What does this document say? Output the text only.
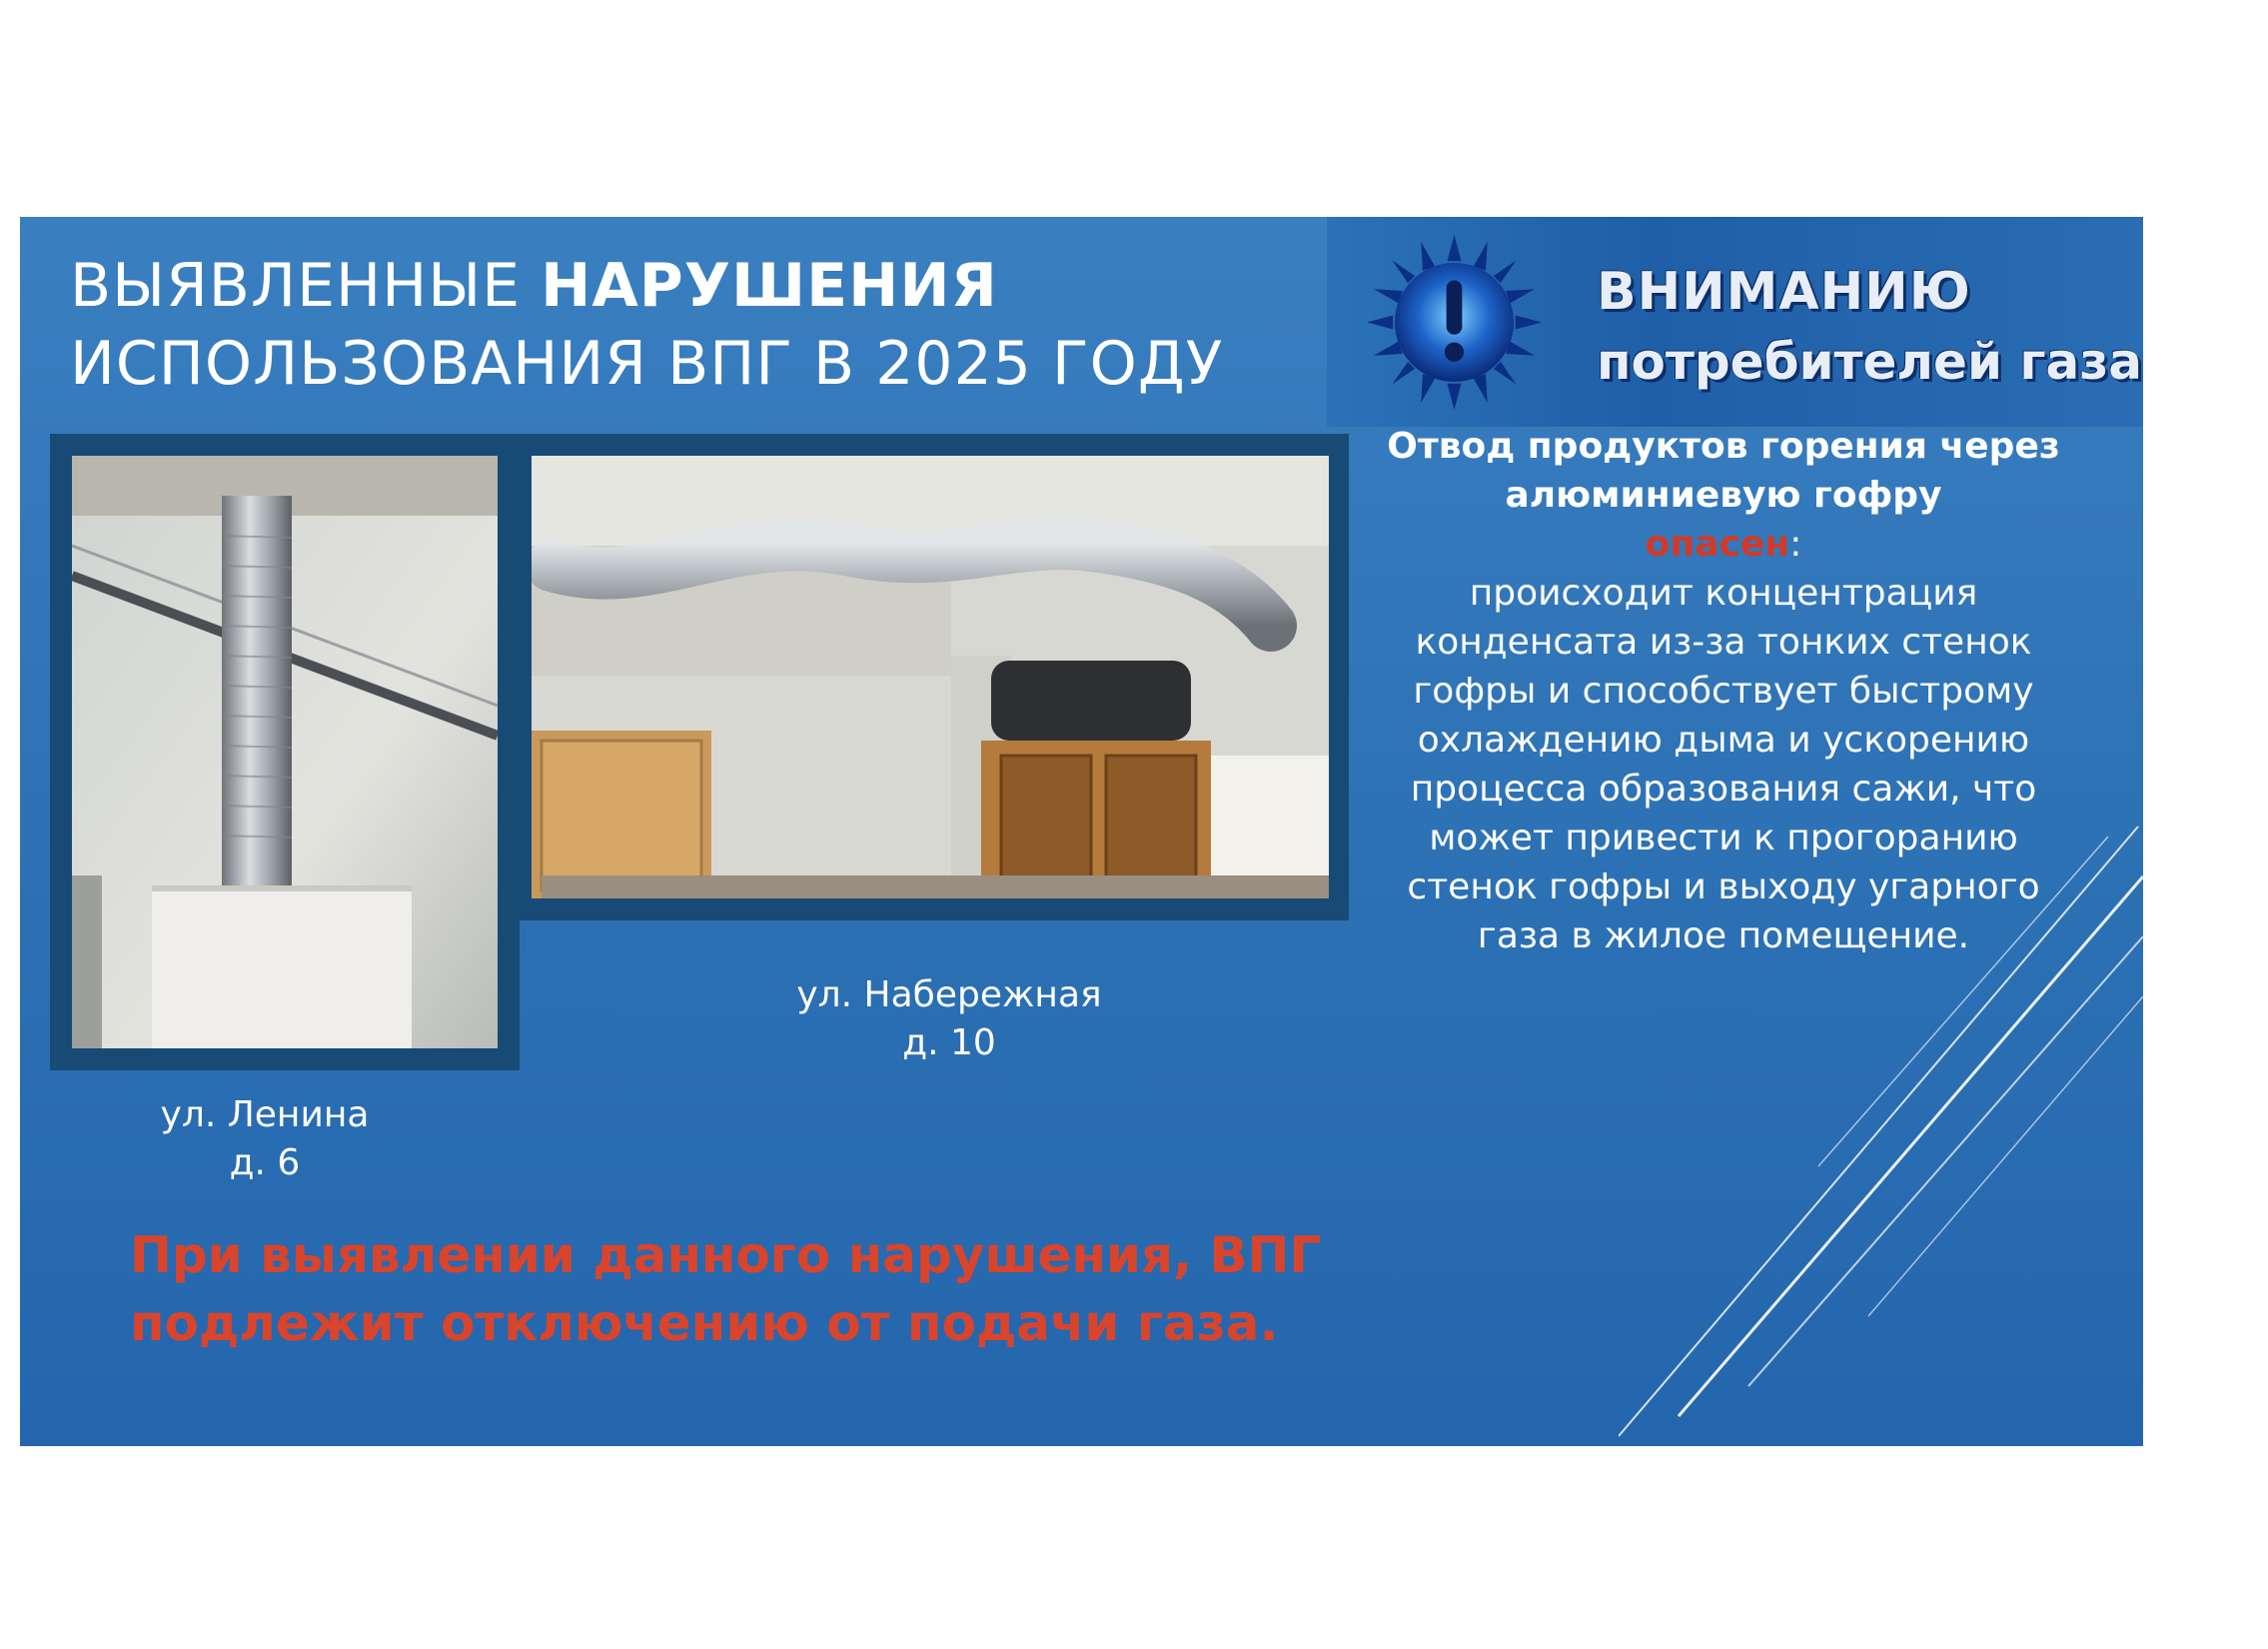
ВЫЯВЛЕННЫЕ НАРУШЕНИЯ
ИСПОЛЬЗОВАНИЯ ВПГ В 2025 ГОДУ
ВНИМАНИЮ
потребителей газа
ул. Ленина
д. 6
ул. Набережная
д. 10
Отвод продуктов горения через алюминиевую гофру
опасен:
происходит концентрация конденсата из-за тонких стенок гофры и способствует быстрому охлаждению дыма и ускорению процесса образования сажи, что может привести к прогоранию стенок гофры и выходу угарного газа в жилое помещение.
При выявлении данного нарушения, ВПГ
подлежит отключению от подачи газа.
